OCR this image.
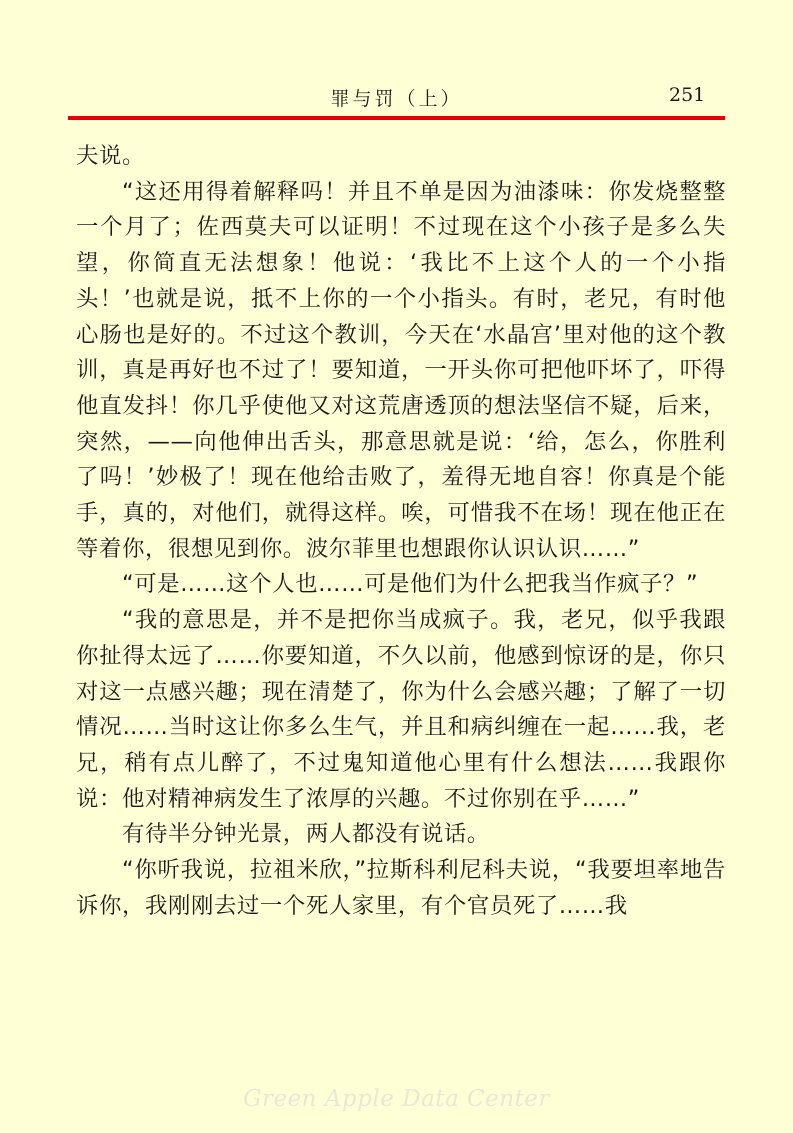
罪与罚（上）	251

夫说。

“这还用得着解释吗！并且不单是因为油漆味：你发烧整整一个月了；佐西莫夫可以证明！不过现在这个小孩子是多么失望，你简直无法想象！他说：‘我比不上这个人的一个小指头！’也就是说，抵不上你的一个小指头。有时，老兄，有时他心肠也是好的。不过这个教训，今天在‘水晶宫’里对他的这个教训，真是再好也不过了！要知道，一开头你可把他吓坏了，吓得他直发抖！你几乎使他又对这荒唐透顶的想法坚信不疑，后来，突然，——向他伸出舌头，那意思就是说：‘给，怎么，你胜利了吗！’妙极了！现在他给击败了，羞得无地自容！你真是个能手，真的，对他们，就得这样。唉，可惜我不在场！现在他正在等着你，很想见到你。波尔菲里也想跟你认识认识……”

“可是……这个人也……可是他们为什么把我当作疯子？”

“我的意思是，并不是把你当成疯子。我，老兄，似乎我跟你扯得太远了……你要知道，不久以前，他感到惊讶的是，你只对这一点感兴趣；现在清楚了，你为什么会感兴趣；了解了一切情况……当时这让你多么生气，并且和病纠缠在一起……我，老兄，稍有点儿醉了，不过鬼知道他心里有什么想法……我跟你说：他对精神病发生了浓厚的兴趣。不过你别在乎……”

有待半分钟光景，两人都没有说话。

“你听我说，拉祖米欣，”拉斯科利尼科夫说，“我要坦率地告诉你，我刚刚去过一个死人家里，有个官员死了……我

Green Apple Data Center
